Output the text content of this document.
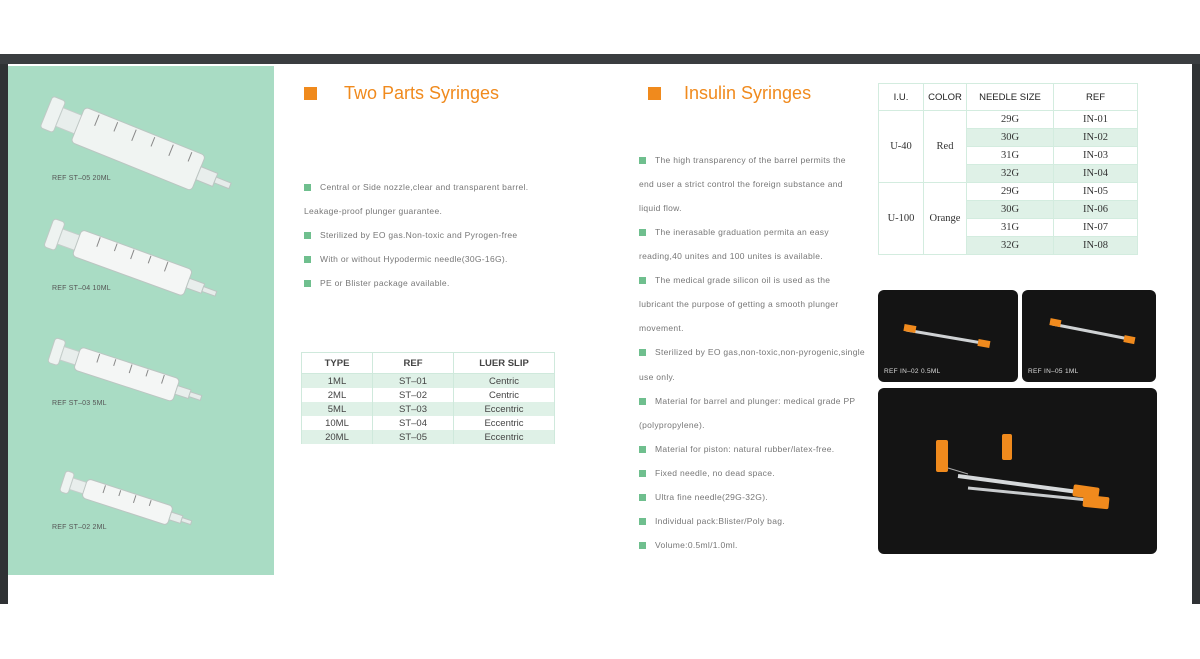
REF ST–05 20ML
REF ST–04 10ML
REF ST–03 5ML
REF ST–02 2ML
Two Parts Syringes
Central or Side nozzle,clear and transparent barrel.
Leakage-proof plunger guarantee.
Sterilized by EO gas.Non-toxic and Pyrogen-free
With or without Hypodermic needle(30G-16G).
PE or Blister package available.
TYPE	REF	LUER SLIP
1ML	ST–01	Centric
2ML	ST–02	Centric
5ML	ST–03	Eccentric
10ML	ST–04	Eccentric
20ML	ST–05	Eccentric
Insulin Syringes
The high transparency of the barrel permits the
end user a strict control the foreign substance and
liquid flow.
The inerasable graduation permita an easy
reading,40 unites and 100 unites is available.
The medical grade silicon oil is used as the
lubricant the purpose of getting a smooth plunger
movement.
Sterilized by EO gas,non-toxic,non-pyrogenic,single
use only.
Material for barrel and plunger: medical grade PP
(polypropylene).
Material for piston: natural rubber/latex-free.
Fixed needle, no dead space.
Ultra fine needle(29G-32G).
Individual pack:Blister/Poly bag.
Volume:0.5ml/1.0ml.
I.U.	COLOR	NEEDLE SIZE	REF
U-40	Red	29G	IN-01
		30G	IN-02
		31G	IN-03
		32G	IN-04
U-100	Orange	29G	IN-05
		30G	IN-06
		31G	IN-07
		32G	IN-08
REF IN–02 0.5ML	REF IN–05 1ML
